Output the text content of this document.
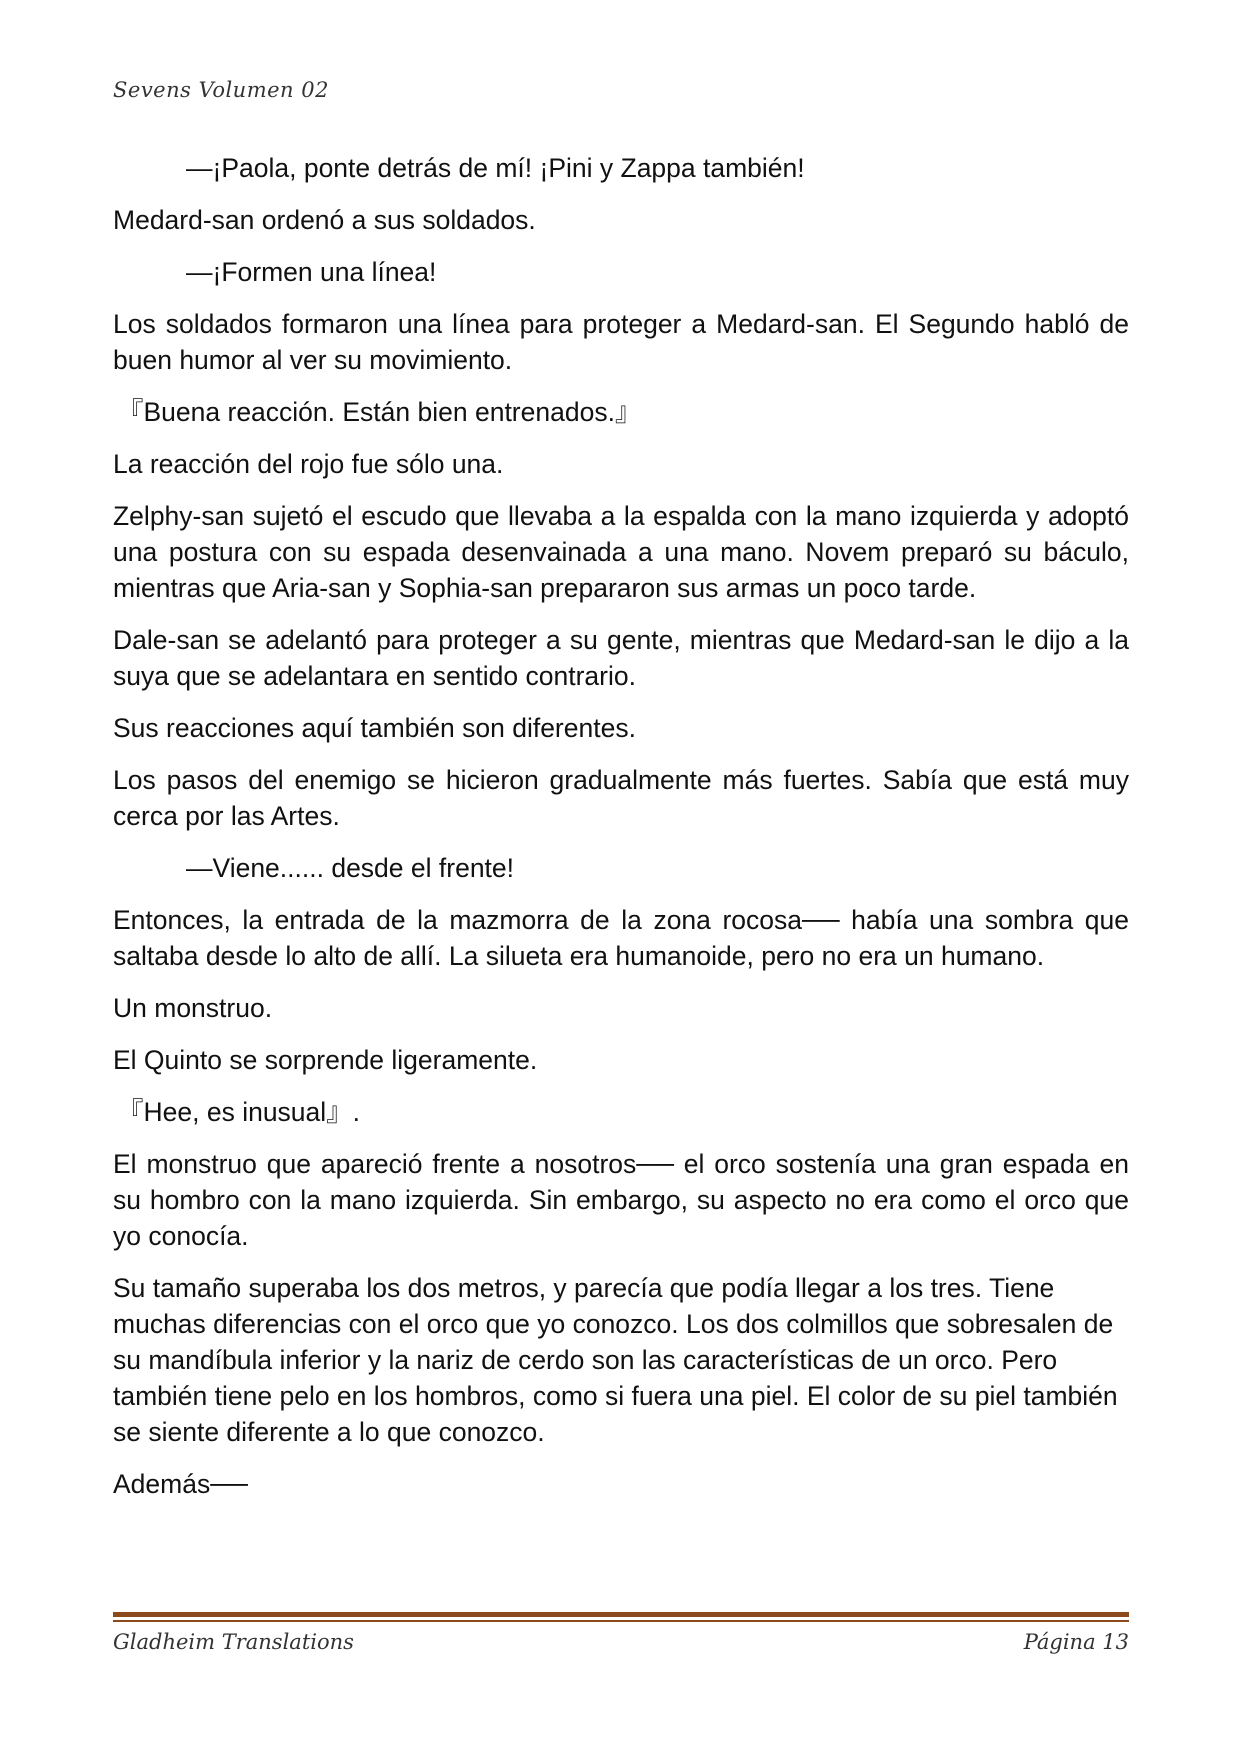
Sevens Volumen 02

—¡Paola, ponte detrás de mí! ¡Pini y Zappa también!

Medard-san ordenó a sus soldados.

—¡Formen una línea!

Los soldados formaron una línea para proteger a Medard-san. El Segundo habló de buen humor al ver su movimiento.

『Buena reacción. Están bien entrenados.』

La reacción del rojo fue sólo una.

Zelphy-san sujetó el escudo que llevaba a la espalda con la mano izquierda y adoptó una postura con su espada desenvainada a una mano. Novem preparó su báculo, mientras que Aria-san y Sophia-san prepararon sus armas un poco tarde.

Dale-san se adelantó para proteger a su gente, mientras que Medard-san le dijo a la suya que se adelantara en sentido contrario.

Sus reacciones aquí también son diferentes.

Los pasos del enemigo se hicieron gradualmente más fuertes. Sabía que está muy cerca por las Artes.

—Viene...... desde el frente!

Entonces, la entrada de la mazmorra de la zona rocosa── había una sombra que saltaba desde lo alto de allí. La silueta era humanoide, pero no era un humano.

Un monstruo.

El Quinto se sorprende ligeramente.

『Hee, es inusual』.

El monstruo que apareció frente a nosotros── el orco sostenía una gran espada en su hombro con la mano izquierda. Sin embargo, su aspecto no era como el orco que yo conocía.

Su tamaño superaba los dos metros, y parecía que podía llegar a los tres. Tiene muchas diferencias con el orco que yo conozco. Los dos colmillos que sobresalen de su mandíbula inferior y la nariz de cerdo son las características de un orco. Pero también tiene pelo en los hombros, como si fuera una piel. El color de su piel también se siente diferente a lo que conozco.

Además──

Gladheim Translations	Página 13
